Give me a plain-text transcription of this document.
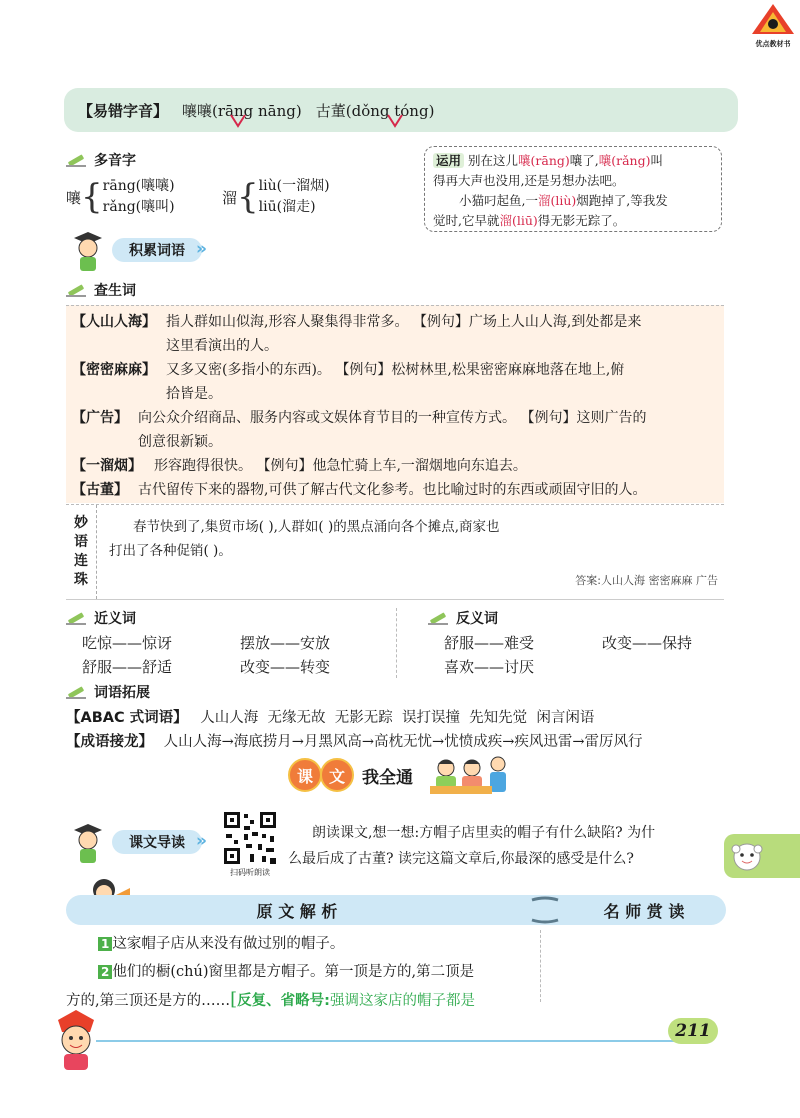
优点教材书
【易错字音】 嚷嚷(rāng nāng) 古董(dǒng tóng)
多音字
嚷 { rāng(嚷嚷)
rǎng(嚷叫)
溜 { liù(一溜烟)
liū(溜走)
运用 别在这儿嚷(rāng)嚷了,嚷(rǎng)叫
得再大声也没用,还是另想办法吧。
小猫叼起鱼,一溜(liù)烟跑掉了,等我发
觉时,它早就溜(liū)得无影无踪了。
积累词语 »
查生词
【人山人海】 指人群如山似海,形容人聚集得非常多。 【例句】广场上人山人海,到处都是来
这里看演出的人。
【密密麻麻】 又多又密(多指小的东西)。 【例句】松树林里,松果密密麻麻地落在地上,俯
拾皆是。
【广告】 向公众介绍商品、服务内容或文娱体育节目的一种宣传方式。 【例句】这则广告的
创意很新颖。
【一溜烟】 形容跑得很快。 【例句】他急忙骑上车,一溜烟地向东追去。
【古董】 古代留传下来的器物,可供了解古代文化参考。也比喻过时的东西或顽固守旧的人。
妙
语
连
珠
春节快到了,集贸市场( ),人群如( )的黑点涌向各个摊点,商家也
打出了各种促销( )。
答案:人山人海 密密麻麻 广告
近义词
吃惊——惊讶	摆放——安放
舒服——舒适	改变——转变
反义词
舒服——难受	改变——保持
喜欢——讨厌
词语拓展
【ABAC 式词语】 人山人海  无缘无故  无影无踪  误打误撞  先知先觉  闲言闲语
【成语接龙】 人山人海→海底捞月→月黑风高→高枕无忧→忧愤成疾→疾风迅雷→雷厉风行
课 文	我全通
课文导读 »
扫码听朗读
朗读课文,想一想:方帽子店里卖的帽子有什么缺陷? 为什
么最后成了古董? 读完这篇文章后,你最深的感受是什么?
原 文 解 析	名 师 赏 读
1 这家帽子店从来没有做过别的帽子。
2 他们的橱(chú)窗里都是方帽子。第一顶是方的,第二顶是
方的,第三顶还是方的……[反复、省略号:强调这家店的帽子都是
211
